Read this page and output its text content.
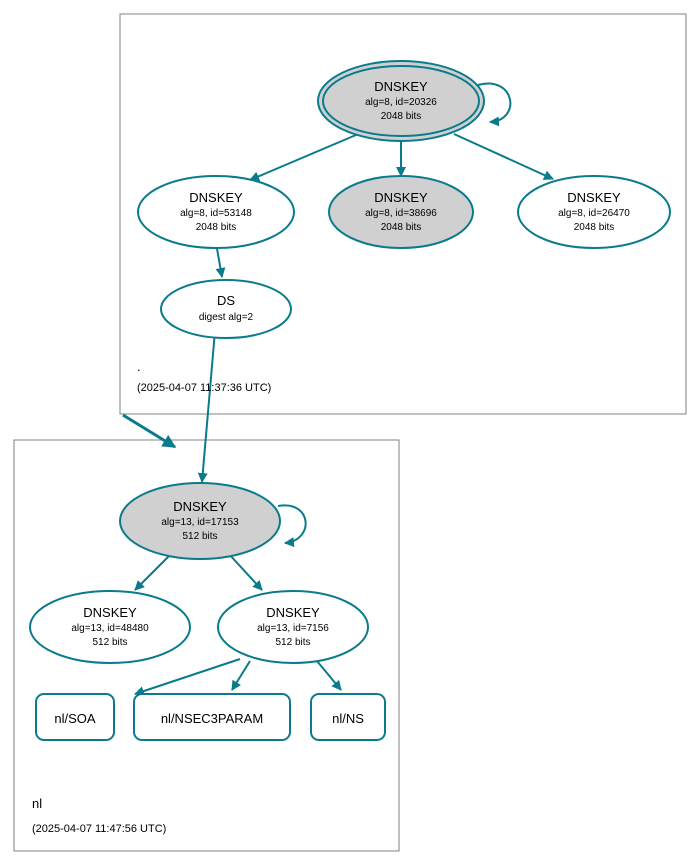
DNSKEY
alg=8, id=20326
2048 bits
DNSKEY
alg=8, id=53148
2048 bits
DNSKEY
alg=8, id=38696
2048 bits
DNSKEY
alg=8, id=26470
2048 bits
DS
digest alg=2
.
(2025-04-07 11:37:36 UTC)
DNSKEY
alg=13, id=17153
512 bits
DNSKEY
alg=13, id=48480
512 bits
DNSKEY
alg=13, id=7156
512 bits
nl/SOA	nl/NSEC3PARAM	nl/NS
nl
(2025-04-07 11:47:56 UTC)
